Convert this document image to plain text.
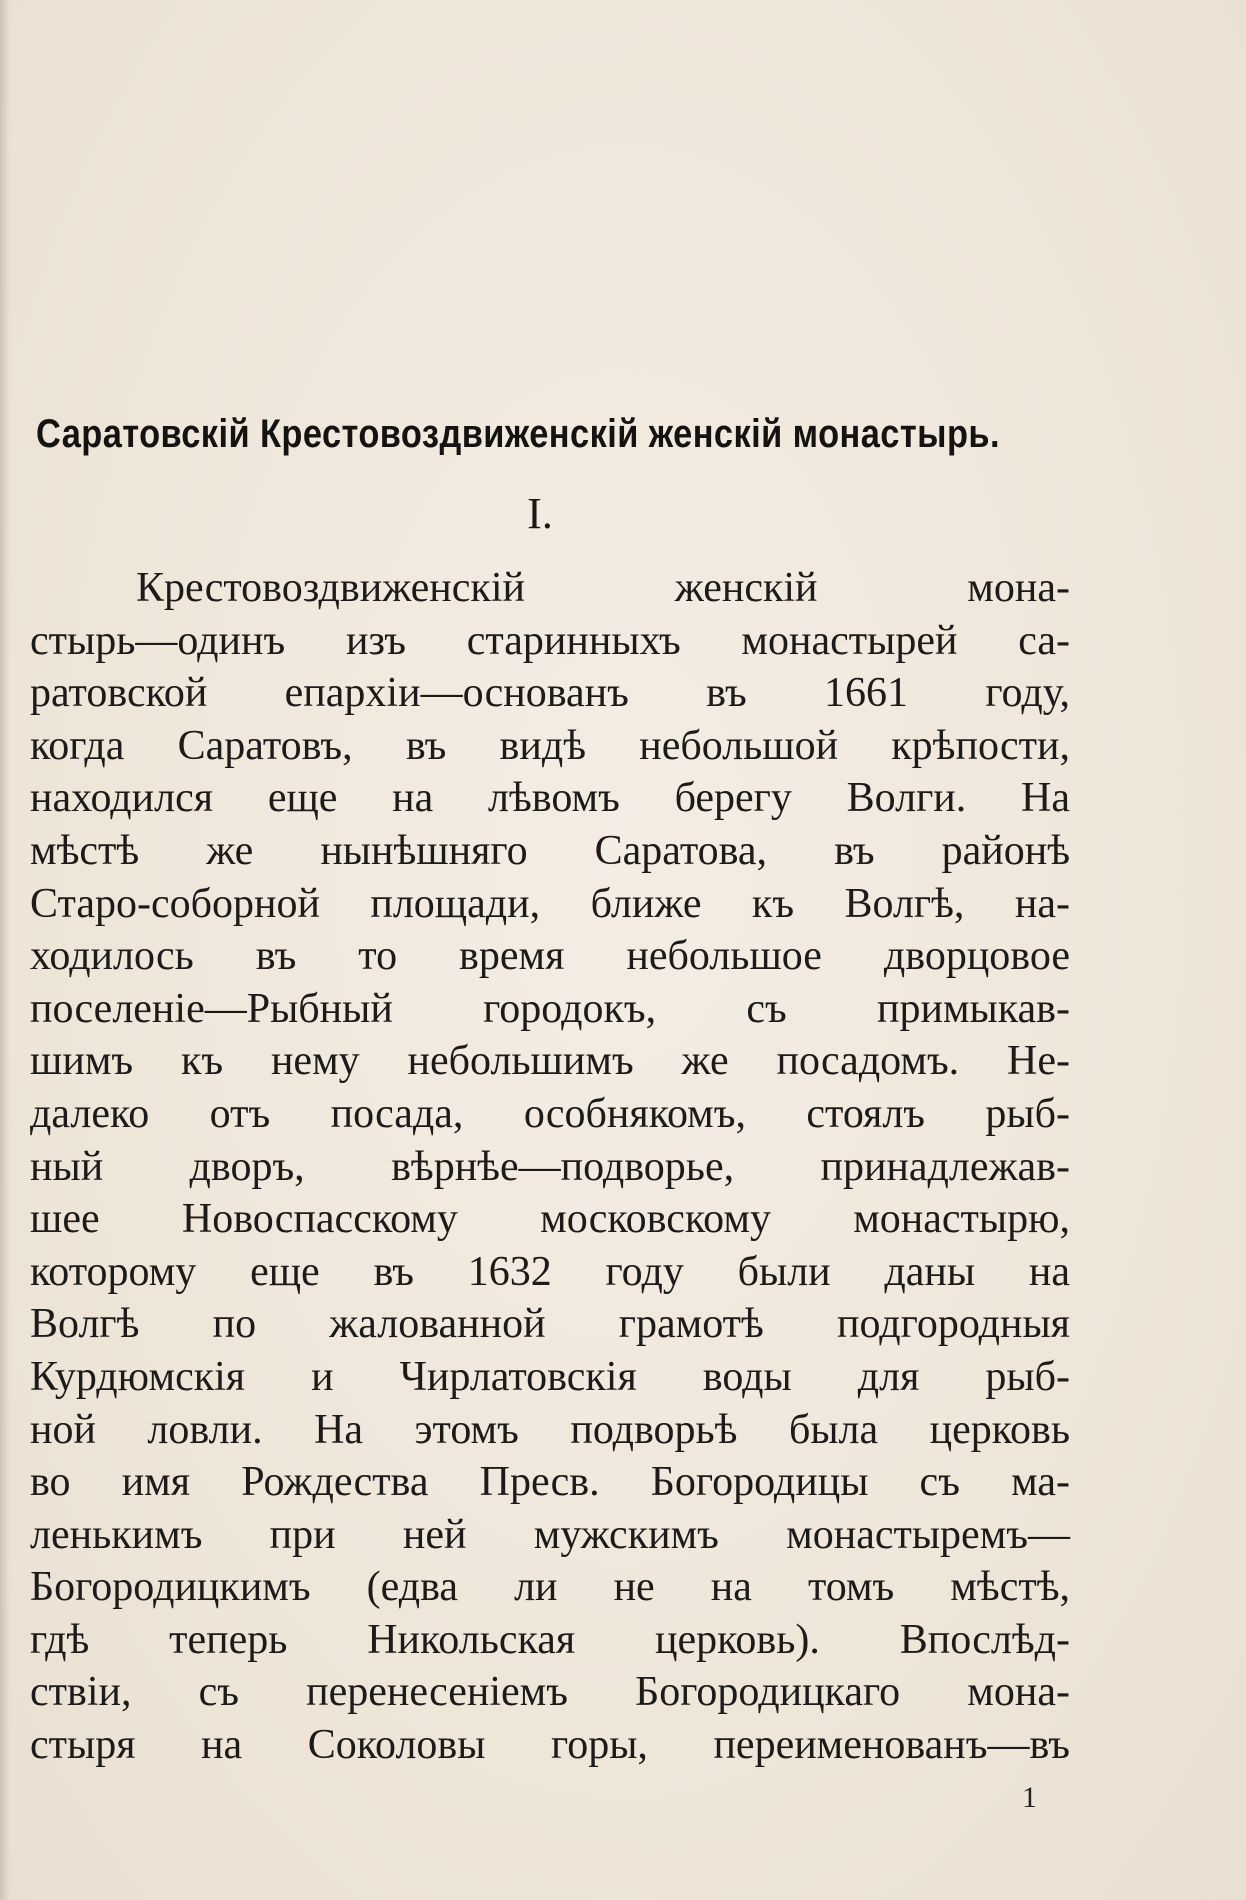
Саратовскій Крестовоздвиженскій женскій монастырь.
I.
Крестовоздвиженскій женскій мона-
стырь—одинъ изъ старинныхъ монастырей са-
ратовской епархіи—основанъ въ 1661 году,
когда Саратовъ, въ видѣ небольшой крѣпости,
находился еще на лѣвомъ берегу Волги. На
мѣстѣ же нынѣшняго Саратова, въ районѣ
Старо-соборной площади, ближе къ Волгѣ, на-
ходилось въ то время небольшое дворцовое
поселеніе—Рыбный городокъ, съ примыкав-
шимъ къ нему небольшимъ же посадомъ. Не-
далеко отъ посада, особнякомъ, стоялъ рыб-
ный дворъ, вѣрнѣе—подворье, принадлежав-
шее Новоспасскому московскому монастырю,
которому еще въ 1632 году были даны на
Волгѣ по жалованной грамотѣ подгородныя
Курдюмскія и Чирлатовскія воды для рыб-
ной ловли. На этомъ подворьѣ была церковь
во имя Рождества Пресв. Богородицы съ ма-
ленькимъ при ней мужскимъ монастыремъ—
Богородицкимъ (едва ли не на томъ мѣстѣ,
гдѣ теперь Никольская церковь). Впослѣд-
ствіи, съ перенесеніемъ Богородицкаго мона-
стыря на Соколовы горы, переименованъ—въ
1
